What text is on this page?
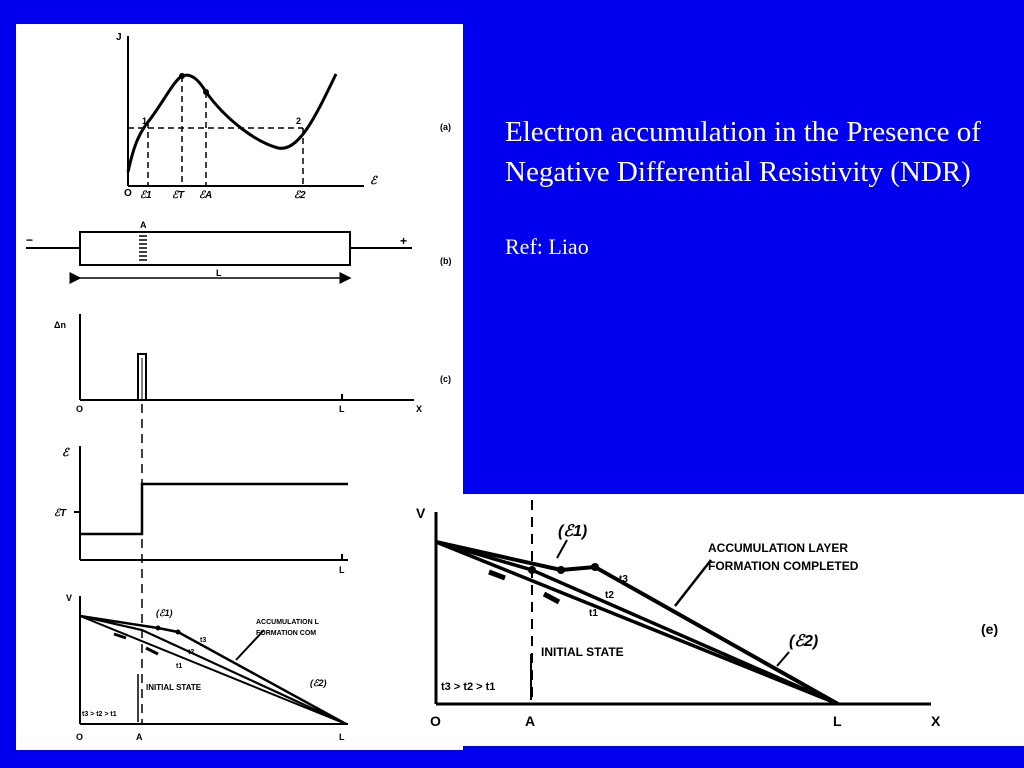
J
ℰ
O
1	2
ℰ1 ℰT ℰA	ℰ2
(a)
−	+
A
L
(b)
Δn
O	L	X
(c)
ℰ
ℰT
L
V
(ℰ1)
ACCUMULATION L
FORMATION COM
t3
t2
t1
INITIAL STATE	(ℰ2)
t3 > t2 > t1
O	A	L
V
(ℰ1)
ACCUMULATION LAYER
FORMATION COMPLETED
t3
t2
t1
INITIAL STATE
(ℰ2)
t3 > t2 > t1
O	A	L	X
(e)
Electron accumulation in the Presence of Negative Differential Resistivity (NDR)
Ref: Liao
